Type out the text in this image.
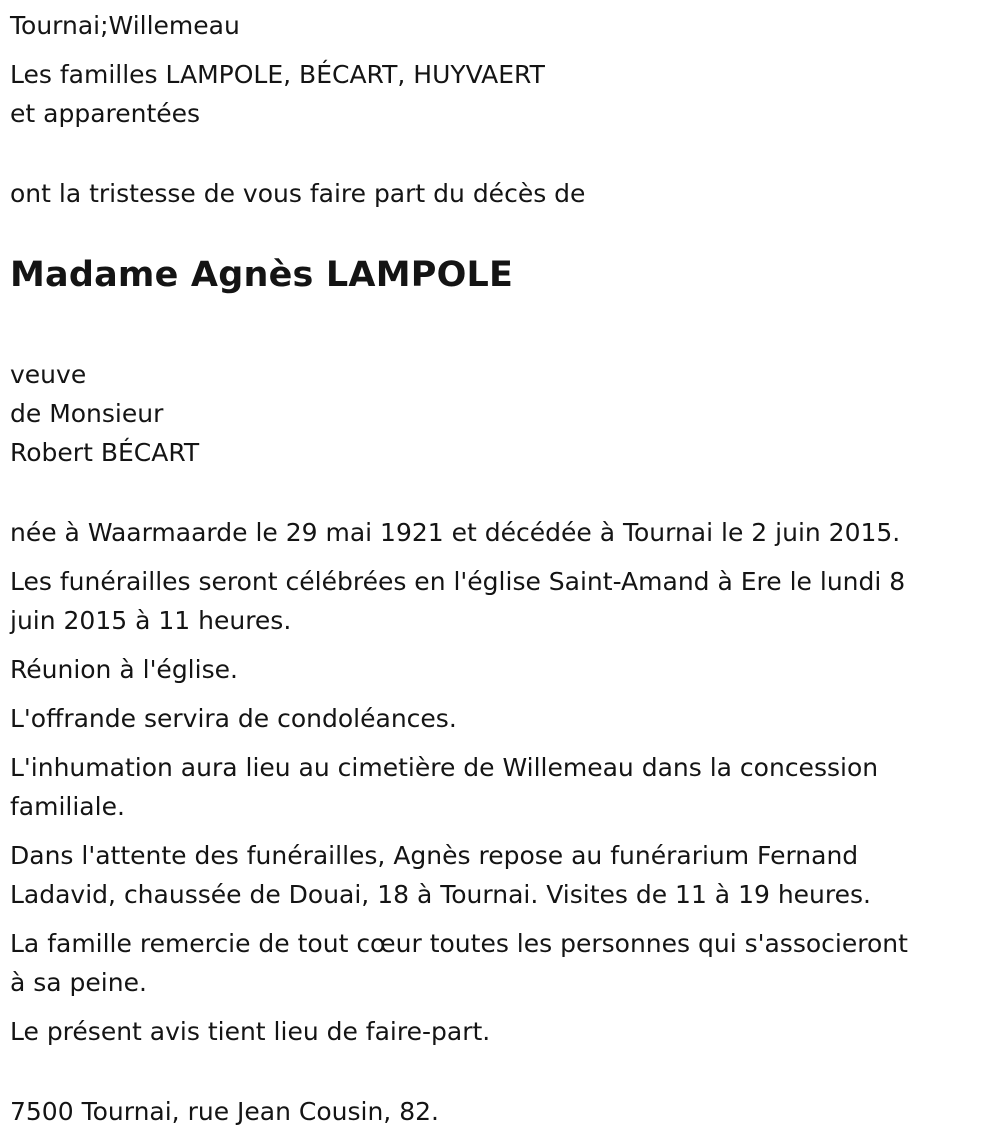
Tournai;Willemeau
Les familles LAMPOLE, BÉCART, HUYVAERT
et apparentées
ont la tristesse de vous faire part du décès de
Madame Agnès LAMPOLE
veuve
de Monsieur
Robert BÉCART
née à Waarmaarde le 29 mai 1921 et décédée à Tournai le 2 juin 2015.
Les funérailles seront célébrées en l'église Saint-Amand à Ere le lundi 8
juin 2015 à 11 heures.
Réunion à l'église.
L'offrande servira de condoléances.
L'inhumation aura lieu au cimetière de Willemeau dans la concession
familiale.
Dans l'attente des funérailles, Agnès repose au funérarium Fernand
Ladavid, chaussée de Douai, 18 à Tournai. Visites de 11 à 19 heures.
La famille remercie de tout cœur toutes les personnes qui s'associeront
à sa peine.
Le présent avis tient lieu de faire-part.
7500 Tournai, rue Jean Cousin, 82.
